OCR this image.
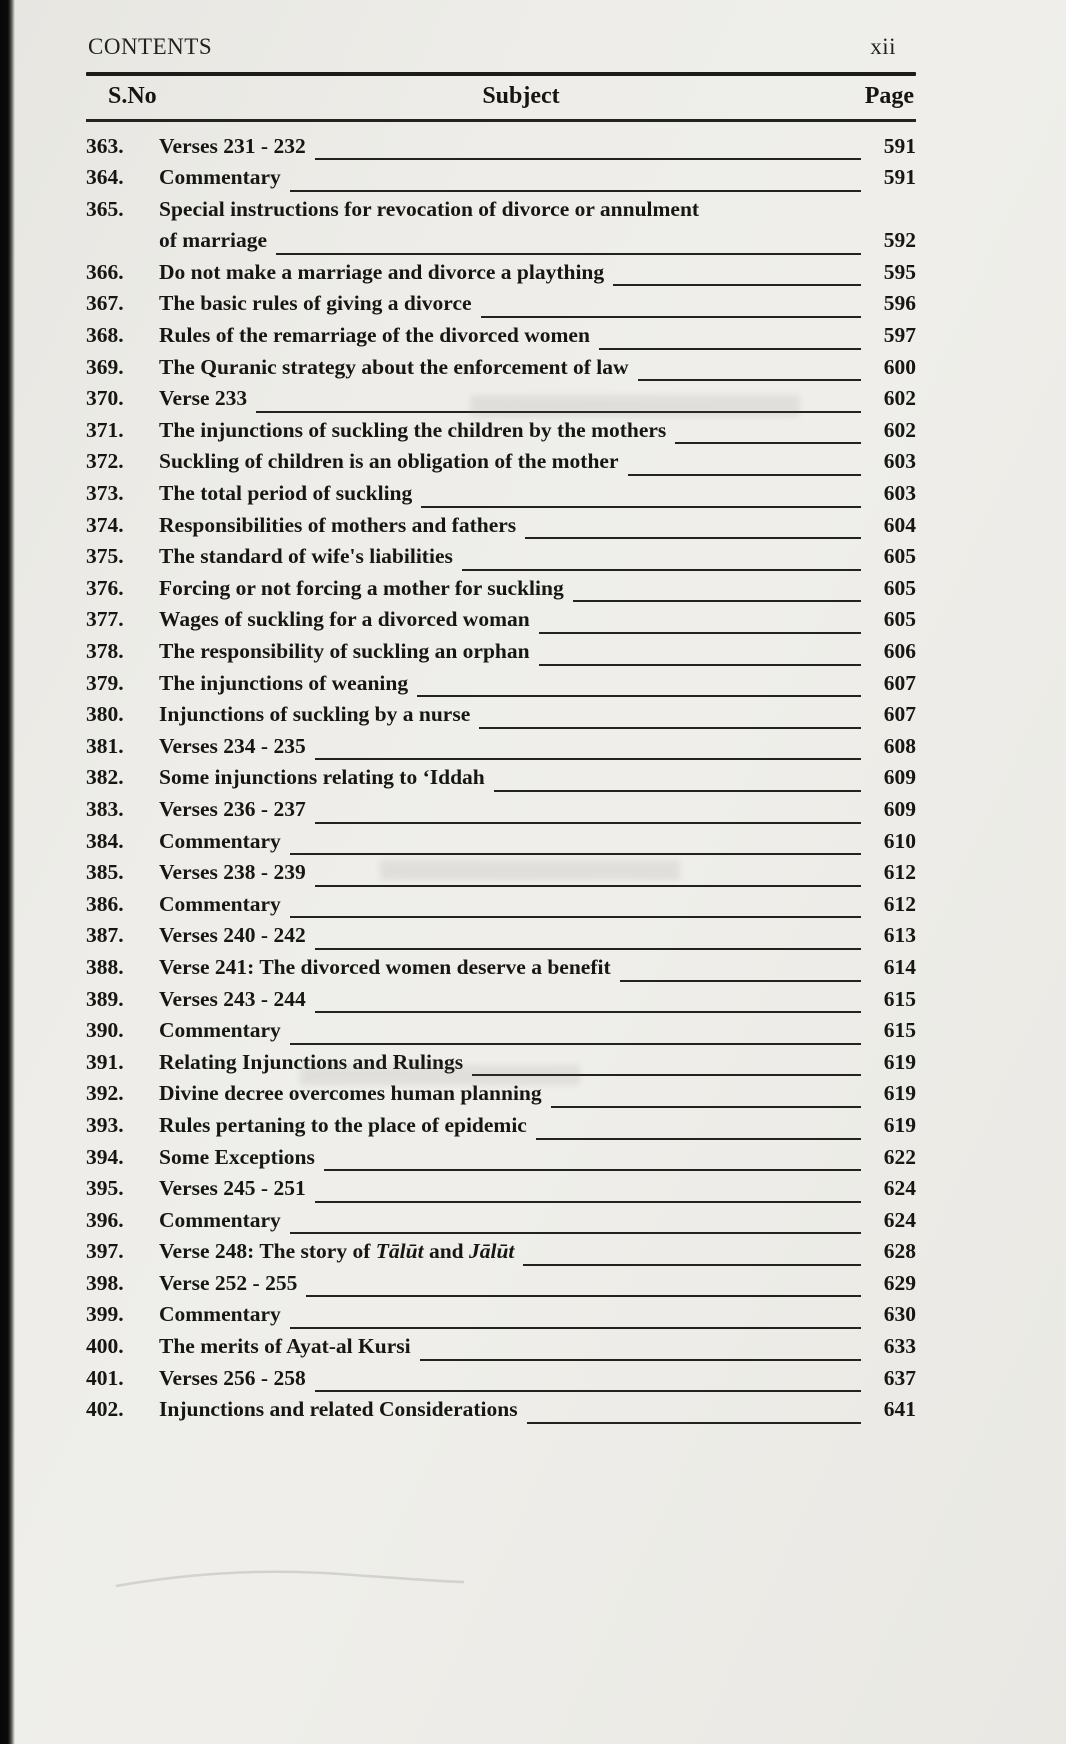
CONTENTS	xii
S.No	Subject	Page
363.	Verses 231 - 232	591
364.	Commentary	591
365.	Special instructions for revocation of divorce or annulment
of marriage	592
366.	Do not make a marriage and divorce a plaything	595
367.	The basic rules of giving a divorce	596
368.	Rules of the remarriage of the divorced women	597
369.	The Quranic strategy about the enforcement of law	600
370.	Verse 233	602
371.	The injunctions of suckling the children by the mothers	602
372.	Suckling of children is an obligation of the mother	603
373.	The total period of suckling	603
374.	Responsibilities of mothers and fathers	604
375.	The standard of wife's liabilities	605
376.	Forcing or not forcing a mother for suckling	605
377.	Wages of suckling for a divorced woman	605
378.	The responsibility of suckling an orphan	606
379.	The injunctions of weaning	607
380.	Injunctions of suckling by a nurse	607
381.	Verses 234 - 235	608
382.	Some injunctions relating to ‘Iddah	609
383.	Verses 236 - 237	609
384.	Commentary	610
385.	Verses 238 - 239	612
386.	Commentary	612
387.	Verses 240 - 242	613
388.	Verse 241: The divorced women deserve a benefit	614
389.	Verses 243 - 244	615
390.	Commentary	615
391.	Relating Injunctions and Rulings	619
392.	Divine decree overcomes human planning	619
393.	Rules pertaning to the place of epidemic	619
394.	Some Exceptions	622
395.	Verses 245 - 251	624
396.	Commentary	624
397.	Verse 248: The story of Tālūt and Jālūt	628
398.	Verse 252 - 255	629
399.	Commentary	630
400.	The merits of Ayat-al Kursi	633
401.	Verses 256 - 258	637
402.	Injunctions and related Considerations	641
